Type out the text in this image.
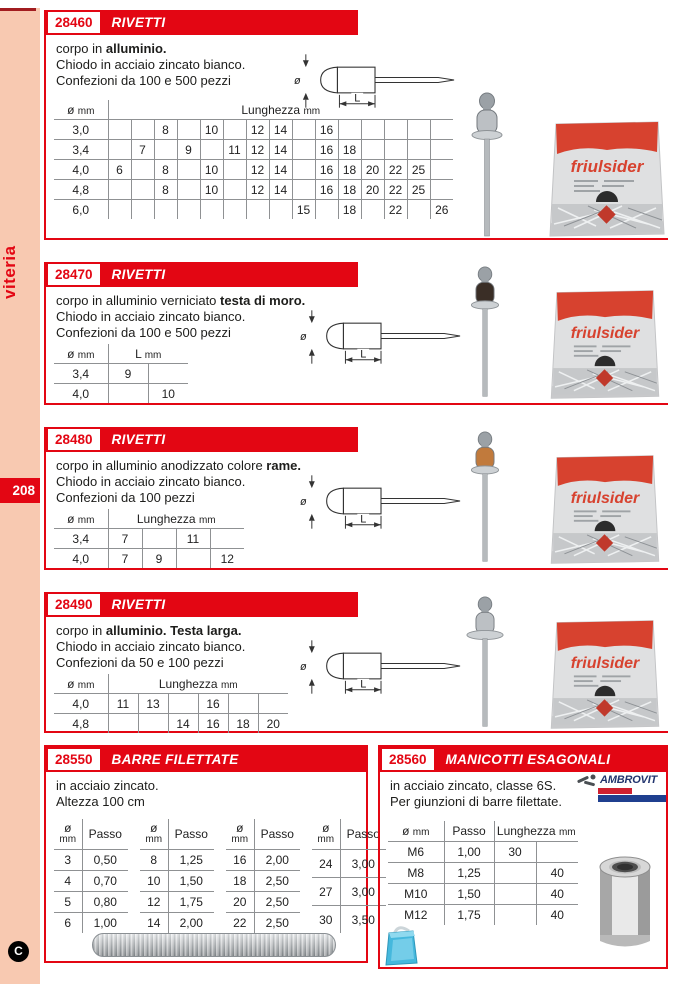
viteria
208
C
28460	RIVETTI
corpo in alluminio.
Chiodo in acciaio zincato bianco.
Confezioni da 100 e 500 pezzi
ø mm	Lunghezza mm														
3,0			8		10		12	14		16					
3,4		7		9		11	12	14		16	18				
4,0	6		8		10		12	14		16	18	20	22	25	
4,8			8		10		12	14		16	18	20	22	25	
6,0									15		18		22		26
28470	RIVETTI
corpo in alluminio verniciato testa di moro.
Chiodo in acciaio zincato bianco.
Confezioni da 100 e 500 pezzi
ø mm	L mm	
3,4	9	
4,0		10
28480	RIVETTI
corpo in alluminio anodizzato colore rame.
Chiodo in acciaio zincato bianco.
Confezioni da 100 pezzi
ø mm	Lunghezza mm			
3,4	7		11	
4,0	7	9		12
28490	RIVETTI
corpo in alluminio. Testa larga.
Chiodo in acciaio zincato bianco.
Confezioni da 50 e 100 pezzi
ø mm	Lunghezza mm					
4,0	11	13		16		
4,8			14	16	18	20
28550	BARRE FILETTATE
in acciaio zincato.
Altezza 100 cm
ø
mm	Passo
3	0,50
4	0,70
5	0,80
6	1,00
ø
mm	Passo
8	1,25
10	1,50
12	1,75
14	2,00
ø
mm	Passo
16	2,00
18	2,50
20	2,50
22	2,50
ø
mm	Passo
24	3,00
27	3,00
30	3,50
28560	MANICOTTI ESAGONALI
AMBROVIT
in acciaio zincato, classe 6S.
Per giunzioni di barre filettate.
ø mm	Passo	Lunghezza mm	
M6	1,00	30	
M8	1,25		40
M10	1,50		40
M12	1,75		40
